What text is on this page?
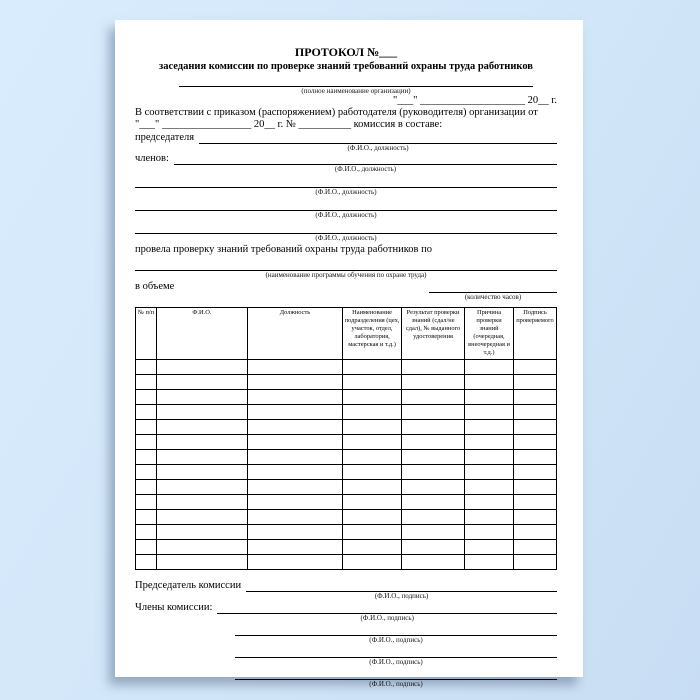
ПРОТОКОЛ №___
заседания комиссии по проверке знаний требований охраны труда работников
(полное наименование организации)
"___" ____________________ 20__ г.
В соответствии с приказом (распоряжением) работодателя (руководителя) организации от
"___" _________________ 20__ г. № __________ комиссия в составе:
председателя
(Ф.И.О., должность)
членов:
(Ф.И.О., должность)
(Ф.И.О., должность)
(Ф.И.О., должность)
(Ф.И.О., должность)
провела проверку знаний требований охраны труда работников по
(наименование программы обучения по охране труда)
в объеме
(количество часов)
№ п/п	Ф.И.О.	Должность	Наименование подразделения (цех, участок, отдел, лаборатория, мастерская и т.д.)	Результат проверки знаний (сдал/не сдал), № выданного удостоверения	Причина проверки знаний (очередная, внеочередная и т.д.)	Подпись проверяемого

Председатель комиссии
(Ф.И.О., подпись)
Члены комиссии:
(Ф.И.О., подпись)
(Ф.И.О., подпись)
(Ф.И.О., подпись)
(Ф.И.О., подпись)
